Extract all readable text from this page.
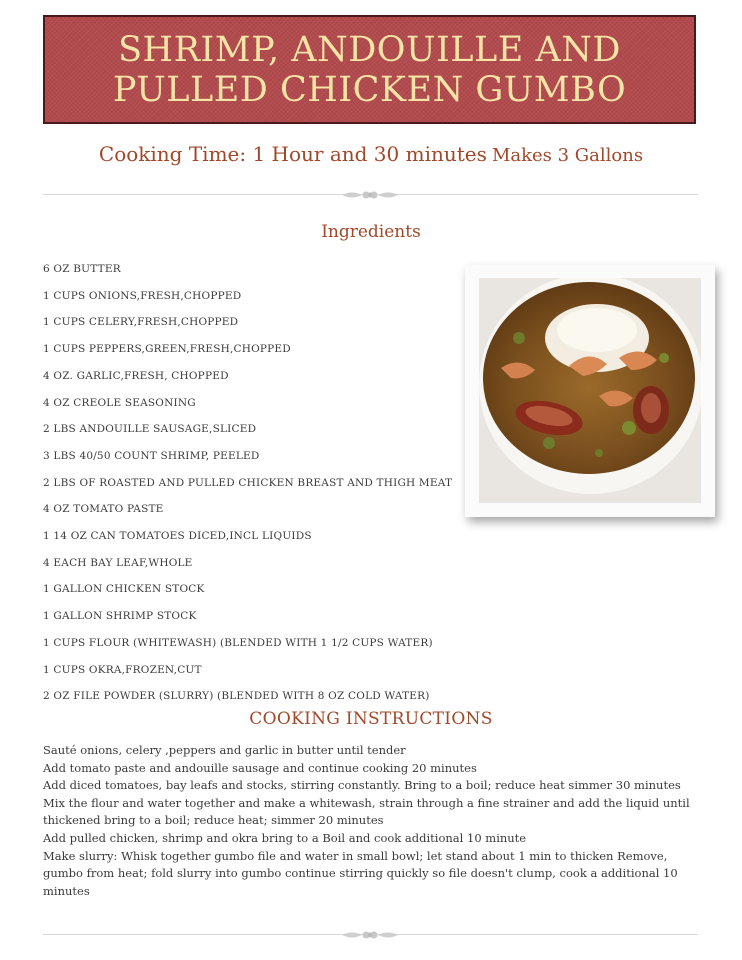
SHRIMP, ANDOUILLE AND
PULLED CHICKEN GUMBO
Cooking Time: 1 Hour and 30 minutes Makes 3 Gallons
Ingredients
6 OZ BUTTER
1 CUPS ONIONS,FRESH,CHOPPED
1 CUPS CELERY,FRESH,CHOPPED
1 CUPS PEPPERS,GREEN,FRESH,CHOPPED
4 OZ. GARLIC,FRESH, CHOPPED
4 OZ CREOLE SEASONING
2 LBS ANDOUILLE SAUSAGE,SLICED
3 LBS 40/50 COUNT SHRIMP, PEELED
2 LBS OF ROASTED AND PULLED CHICKEN BREAST AND THIGH MEAT
4 OZ TOMATO PASTE
1 14 OZ CAN TOMATOES DICED,INCL LIQUIDS
4 EACH BAY LEAF,WHOLE
1 GALLON CHICKEN STOCK
1 GALLON SHRIMP STOCK
1 CUPS FLOUR (WHITEWASH) (BLENDED WITH 1 1/2 CUPS WATER)
1 CUPS OKRA,FROZEN,CUT
2 OZ FILE POWDER (SLURRY) (BLENDED WITH 8 OZ COLD WATER)
COOKING INSTRUCTIONS
Sauté onions, celery ,peppers and garlic in butter until tender
Add tomato paste and andouille sausage and continue cooking 20 minutes
Add diced tomatoes, bay leafs and stocks, stirring constantly. Bring to a boil; reduce heat simmer 30 minutes
Mix the flour and water together and make a whitewash, strain through a fine strainer and add the liquid until thickened bring to a boil; reduce heat; simmer 20 minutes
Add pulled chicken, shrimp and okra bring to a Boil and cook additional 10 minute
Make slurry: Whisk together gumbo file and water in small bowl; let stand about 1 min to thicken Remove, gumbo from heat; fold slurry into gumbo continue stirring quickly so file doesn't clump, cook a additional 10 minutes
